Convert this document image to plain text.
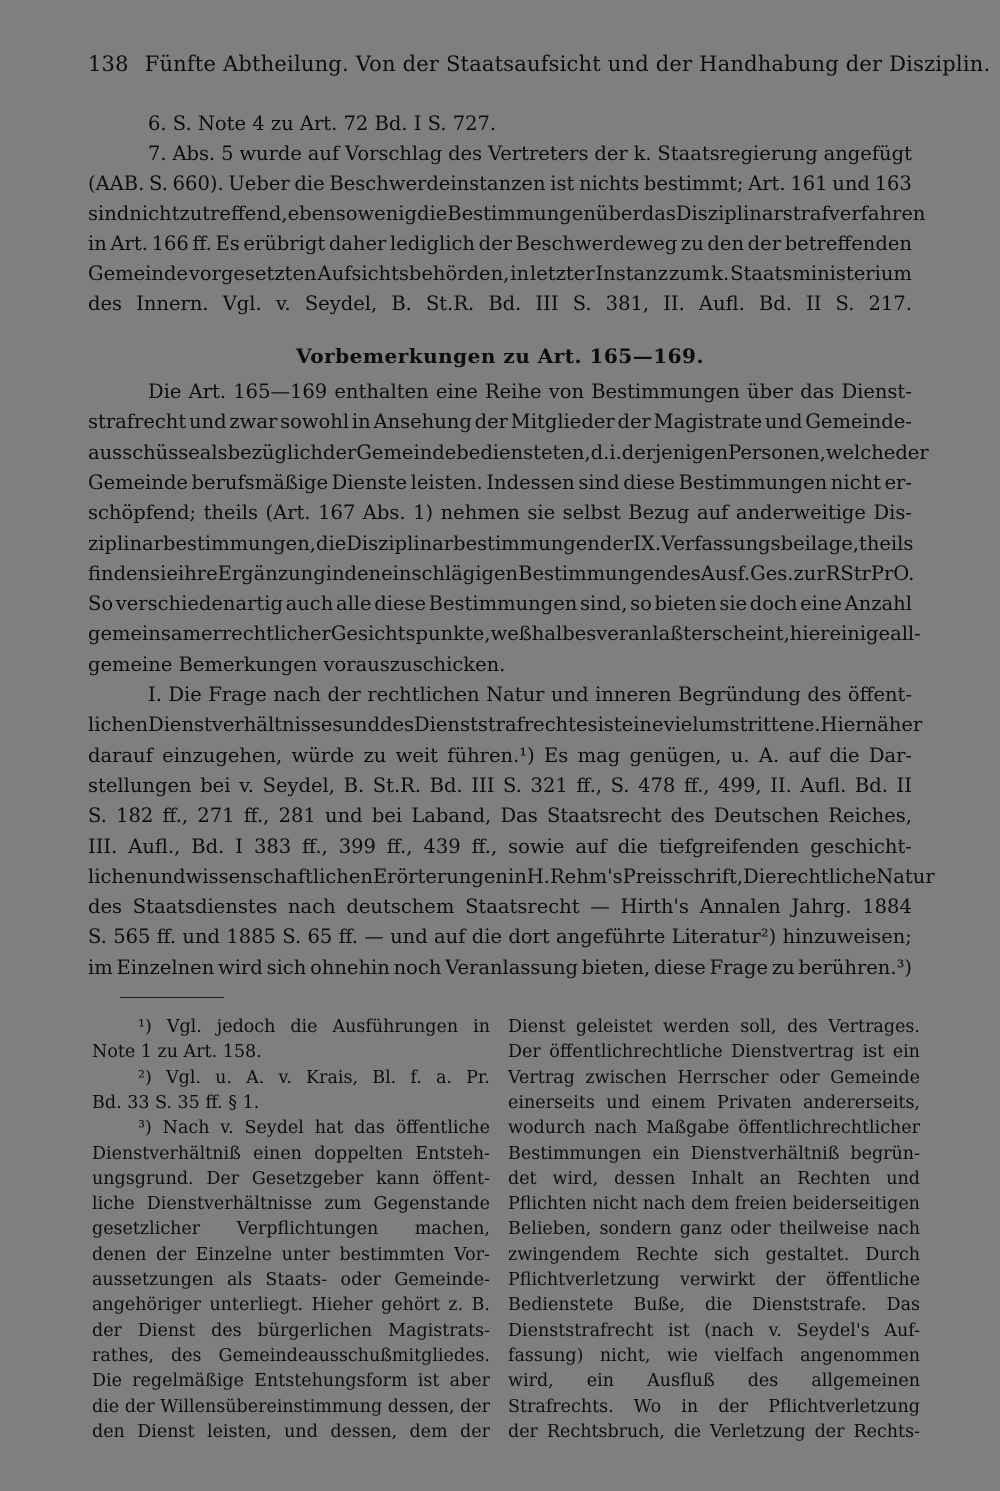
138 Fünfte Abtheilung. Von der Staatsaufsicht und der Handhabung der Disziplin.
6. S. Note 4 zu Art. 72 Bd. I S. 727.
7. Abs. 5 wurde auf Vorschlag des Vertreters der k. Staatsregierung angefügt
(AAB. S. 660). Ueber die Beschwerdeinstanzen ist nichts bestimmt; Art. 161 und 163
sind nicht zutreffend, ebensowenig die Bestimmungen über das Disziplinarstrafverfahren
in Art. 166 ff. Es erübrigt daher lediglich der Beschwerdeweg zu den der betreffenden
Gemeinde vorgesetzten Aufsichtsbehörden, in letzter Instanz zum k. Staatsministerium
des Innern. Vgl. v. Seydel, B. St.R. Bd. III S. 381, II. Aufl. Bd. II S. 217.
Vorbemerkungen zu Art. 165—169.
Die Art. 165—169 enthalten eine Reihe von Bestimmungen über das Dienst-
strafrecht und zwar sowohl in Ansehung der Mitglieder der Magistrate und Gemeinde-
ausschüsse als bezüglich der Gemeindebediensteten, d. i. derjenigen Personen, welche der
Gemeinde berufsmäßige Dienste leisten. Indessen sind diese Bestimmungen nicht er-
schöpfend; theils (Art. 167 Abs. 1) nehmen sie selbst Bezug auf anderweitige Dis-
ziplinarbestimmungen, die Disziplinarbestimmungen der IX. Verfassungsbeilage, theils
finden sie ihre Ergänzung in den einschlägigen Bestimmungen des Ausf.Ges. zur RStrPrO.
So verschiedenartig auch alle diese Bestimmungen sind, so bieten sie doch eine Anzahl
gemeinsamer rechtlicher Gesichtspunkte, weßhalb es veranlaßt erscheint, hier einige all-
gemeine Bemerkungen vorauszuschicken.
I. Die Frage nach der rechtlichen Natur und inneren Begründung des öffent-
lichen Dienstverhältnisses und des Dienststrafrechtes ist eine vielumstrittene. Hier näher
darauf einzugehen, würde zu weit führen.¹) Es mag genügen, u. A. auf die Dar-
stellungen bei v. Seydel, B. St.R. Bd. III S. 321 ff., S. 478 ff., 499, II. Aufl. Bd. II
S. 182 ff., 271 ff., 281 und bei Laband, Das Staatsrecht des Deutschen Reiches,
III. Aufl., Bd. I 383 ff., 399 ff., 439 ff., sowie auf die tiefgreifenden geschicht-
lichen und wissenschaftlichen Erörterungen in H. Rehm's Preisschrift, Die rechtliche Natur
des Staatsdienstes nach deutschem Staatsrecht — Hirth's Annalen Jahrg. 1884
S. 565 ff. und 1885 S. 65 ff. — und auf die dort angeführte Literatur²) hinzuweisen;
im Einzelnen wird sich ohnehin noch Veranlassung bieten, diese Frage zu berühren.³)
¹) Vgl. jedoch die Ausführungen in
Note 1 zu Art. 158.
²) Vgl. u. A. v. Krais, Bl. f. a. Pr.
Bd. 33 S. 35 ff. § 1.
³) Nach v. Seydel hat das öffentliche
Dienstverhältniß einen doppelten Entsteh-
ungsgrund. Der Gesetzgeber kann öffent-
liche Dienstverhältnisse zum Gegenstande
gesetzlicher Verpflichtungen machen,
denen der Einzelne unter bestimmten Vor-
aussetzungen als Staats- oder Gemeinde-
angehöriger unterliegt. Hieher gehört z. B.
der Dienst des bürgerlichen Magistrats-
rathes, des Gemeindeausschußmitgliedes.
Die regelmäßige Entstehungsform ist aber
die der Willensübereinstimmung dessen, der
den Dienst leisten, und dessen, dem der
Dienst geleistet werden soll, des Vertrages.
Der öffentlichrechtliche Dienstvertrag ist ein
Vertrag zwischen Herrscher oder Gemeinde
einerseits und einem Privaten andererseits,
wodurch nach Maßgabe öffentlichrechtlicher
Bestimmungen ein Dienstverhältniß begrün-
det wird, dessen Inhalt an Rechten und
Pflichten nicht nach dem freien beiderseitigen
Belieben, sondern ganz oder theilweise nach
zwingendem Rechte sich gestaltet. Durch
Pflichtverletzung verwirkt der öffentliche
Bedienstete Buße, die Dienststrafe. Das
Dienststrafrecht ist (nach v. Seydel's Auf-
fassung) nicht, wie vielfach angenommen
wird, ein Ausfluß des allgemeinen
Strafrechts. Wo in der Pflichtverletzung
der Rechtsbruch, die Verletzung der Rechts-
